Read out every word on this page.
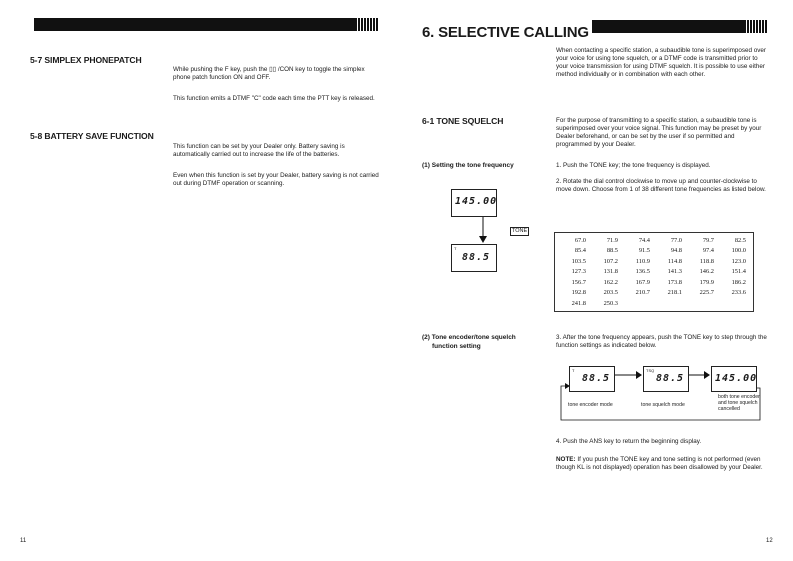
5-7 SIMPLEX PHONEPATCH

While pushing the F key, push the ▯▯ /CON key to toggle the simplex phone patch function ON and OFF.

This function emits a DTMF "C" code each time the PTT key is released.

5-8 BATTERY SAVE FUNCTION

This function can be set by your Dealer only. Battery saving is automatically carried out to increase the life of the batteries.

Even when this function is set by your Dealer, battery saving is not carried out during DTMF operation or scanning.

11
6. SELECTIVE CALLING

When contacting a specific station, a subaudible tone is superimposed over your voice for using tone squelch, or a DTMF code is transmitted prior to your voice transmission for using DTMF squelch. It is possible to use either method individually or in combination with each other.

6-1 TONE SQUELCH	For the purpose of transmitting to a specific station, a subaudible tone is superimposed over your voice signal. This function may be preset by your Dealer beforehand, or can be set by the user if so permitted and programmed by your Dealer.

(1) Setting the tone frequency	1. Push the TONE key; the tone frequency is displayed.

2. Rotate the dial control clockwise to move up and counter-clockwise to move down. Choose from 1 of 38 different tone frequencies as listed below.

145.00
TONE
T
88.5
67.0	71.9	74.4	77.0	79.7	82.5
85.4	88.5	91.5	94.8	97.4	100.0
103.5	107.2	110.9	114.8	118.8	123.0
127.3	131.8	136.5	141.3	146.2	151.4
156.7	162.2	167.9	173.8	179.9	186.2
192.8	203.5	210.7	218.1	225.7	233.6
241.8	250.3				
(2) Tone encoder/tone squelch
function setting

3. After the tone frequency appears, push the TONE key to step through the function settings as indicated below.

T
88.5
TSQ
88.5	145.00
tone encoder mode	tone squelch mode
both tone encoder
and tone squelch
cancelled

4. Push the ANS key to return the beginning display.

NOTE: If you push the TONE key and tone setting is not performed (even though KL is not displayed) operation has been disallowed by your Dealer.

12
